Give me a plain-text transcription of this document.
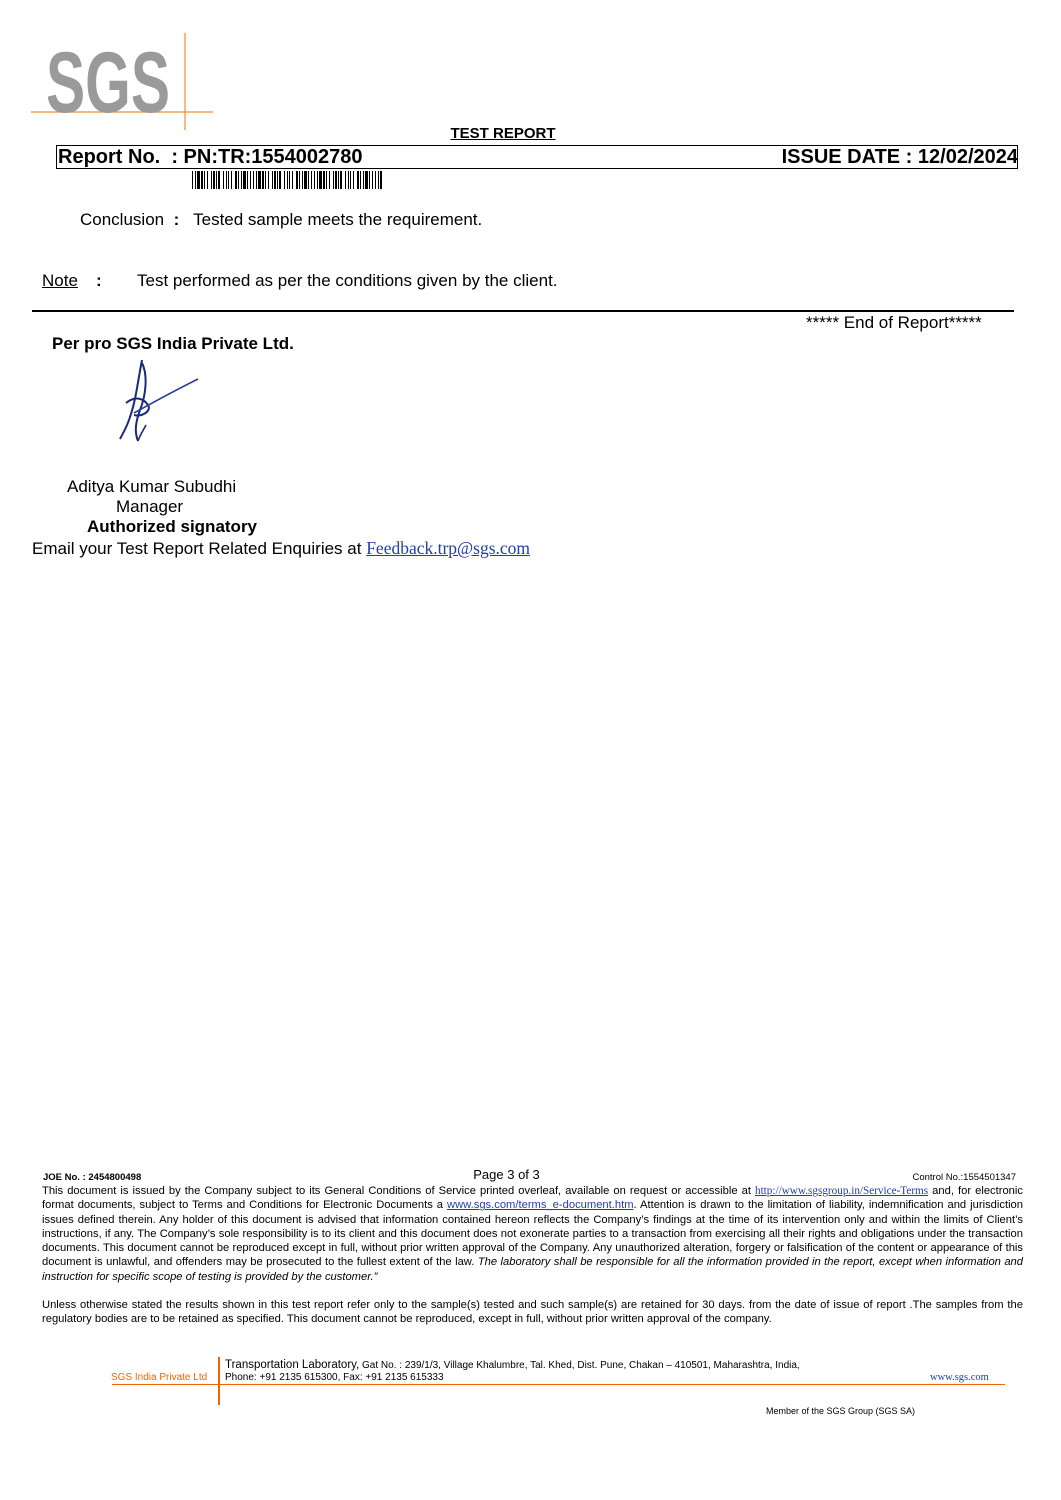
SGS
TEST REPORT
Report No.  : PN:TR:1554002780	ISSUE DATE : 12/02/2024
Conclusion : Tested sample meets the requirement.
Note : Test performed as per the conditions given by the client.
***** End of Report*****
Per pro SGS India Private Ltd.
Aditya Kumar Subudhi
Manager
Authorized signatory
Email your Test Report Related Enquiries at Feedback.trp@sgs.com
JOE No. : 2454800498	Page 3 of 3	Control No.:1554501347
This document is issued by the Company subject to its General Conditions of Service printed overleaf, available on request or accessible at http://www.sgsgroup.in/Service-Terms and, for electronic format documents, subject to Terms and Conditions for Electronic Documents a www.sgs.com/terms_e-document.htm. Attention is drawn to the limitation of liability, indemnification and jurisdiction issues defined therein. Any holder of this document is advised that information contained hereon reflects the Company’s findings at the time of its intervention only and within the limits of Client’s instructions, if any. The Company’s sole responsibility is to its client and this document does not exonerate parties to a transaction from exercising all their rights and obligations under the transaction documents. This document cannot be reproduced except in full, without prior written approval of the Company. Any unauthorized alteration, forgery or falsification of the content or appearance of this document is unlawful, and offenders may be prosecuted to the fullest extent of the law. The laboratory shall be responsible for all the information provided in the report, except when information and instruction for specific scope of testing is provided by the customer.”
Unless otherwise stated the results shown in this test report refer only to the sample(s) tested and such sample(s) are retained for 30 days. from the date of issue of report .The samples from the regulatory bodies are to be retained as specified. This document cannot be reproduced, except in full, without prior written approval of the company.
SGS India Private Ltd
Transportation Laboratory, Gat No. : 239/1/3, Village Khalumbre, Tal. Khed, Dist. Pune, Chakan – 410501, Maharashtra, India,
Phone: +91 2135 615300, Fax: +91 2135 615333	www.sgs.com
Member of the SGS Group (SGS SA)
